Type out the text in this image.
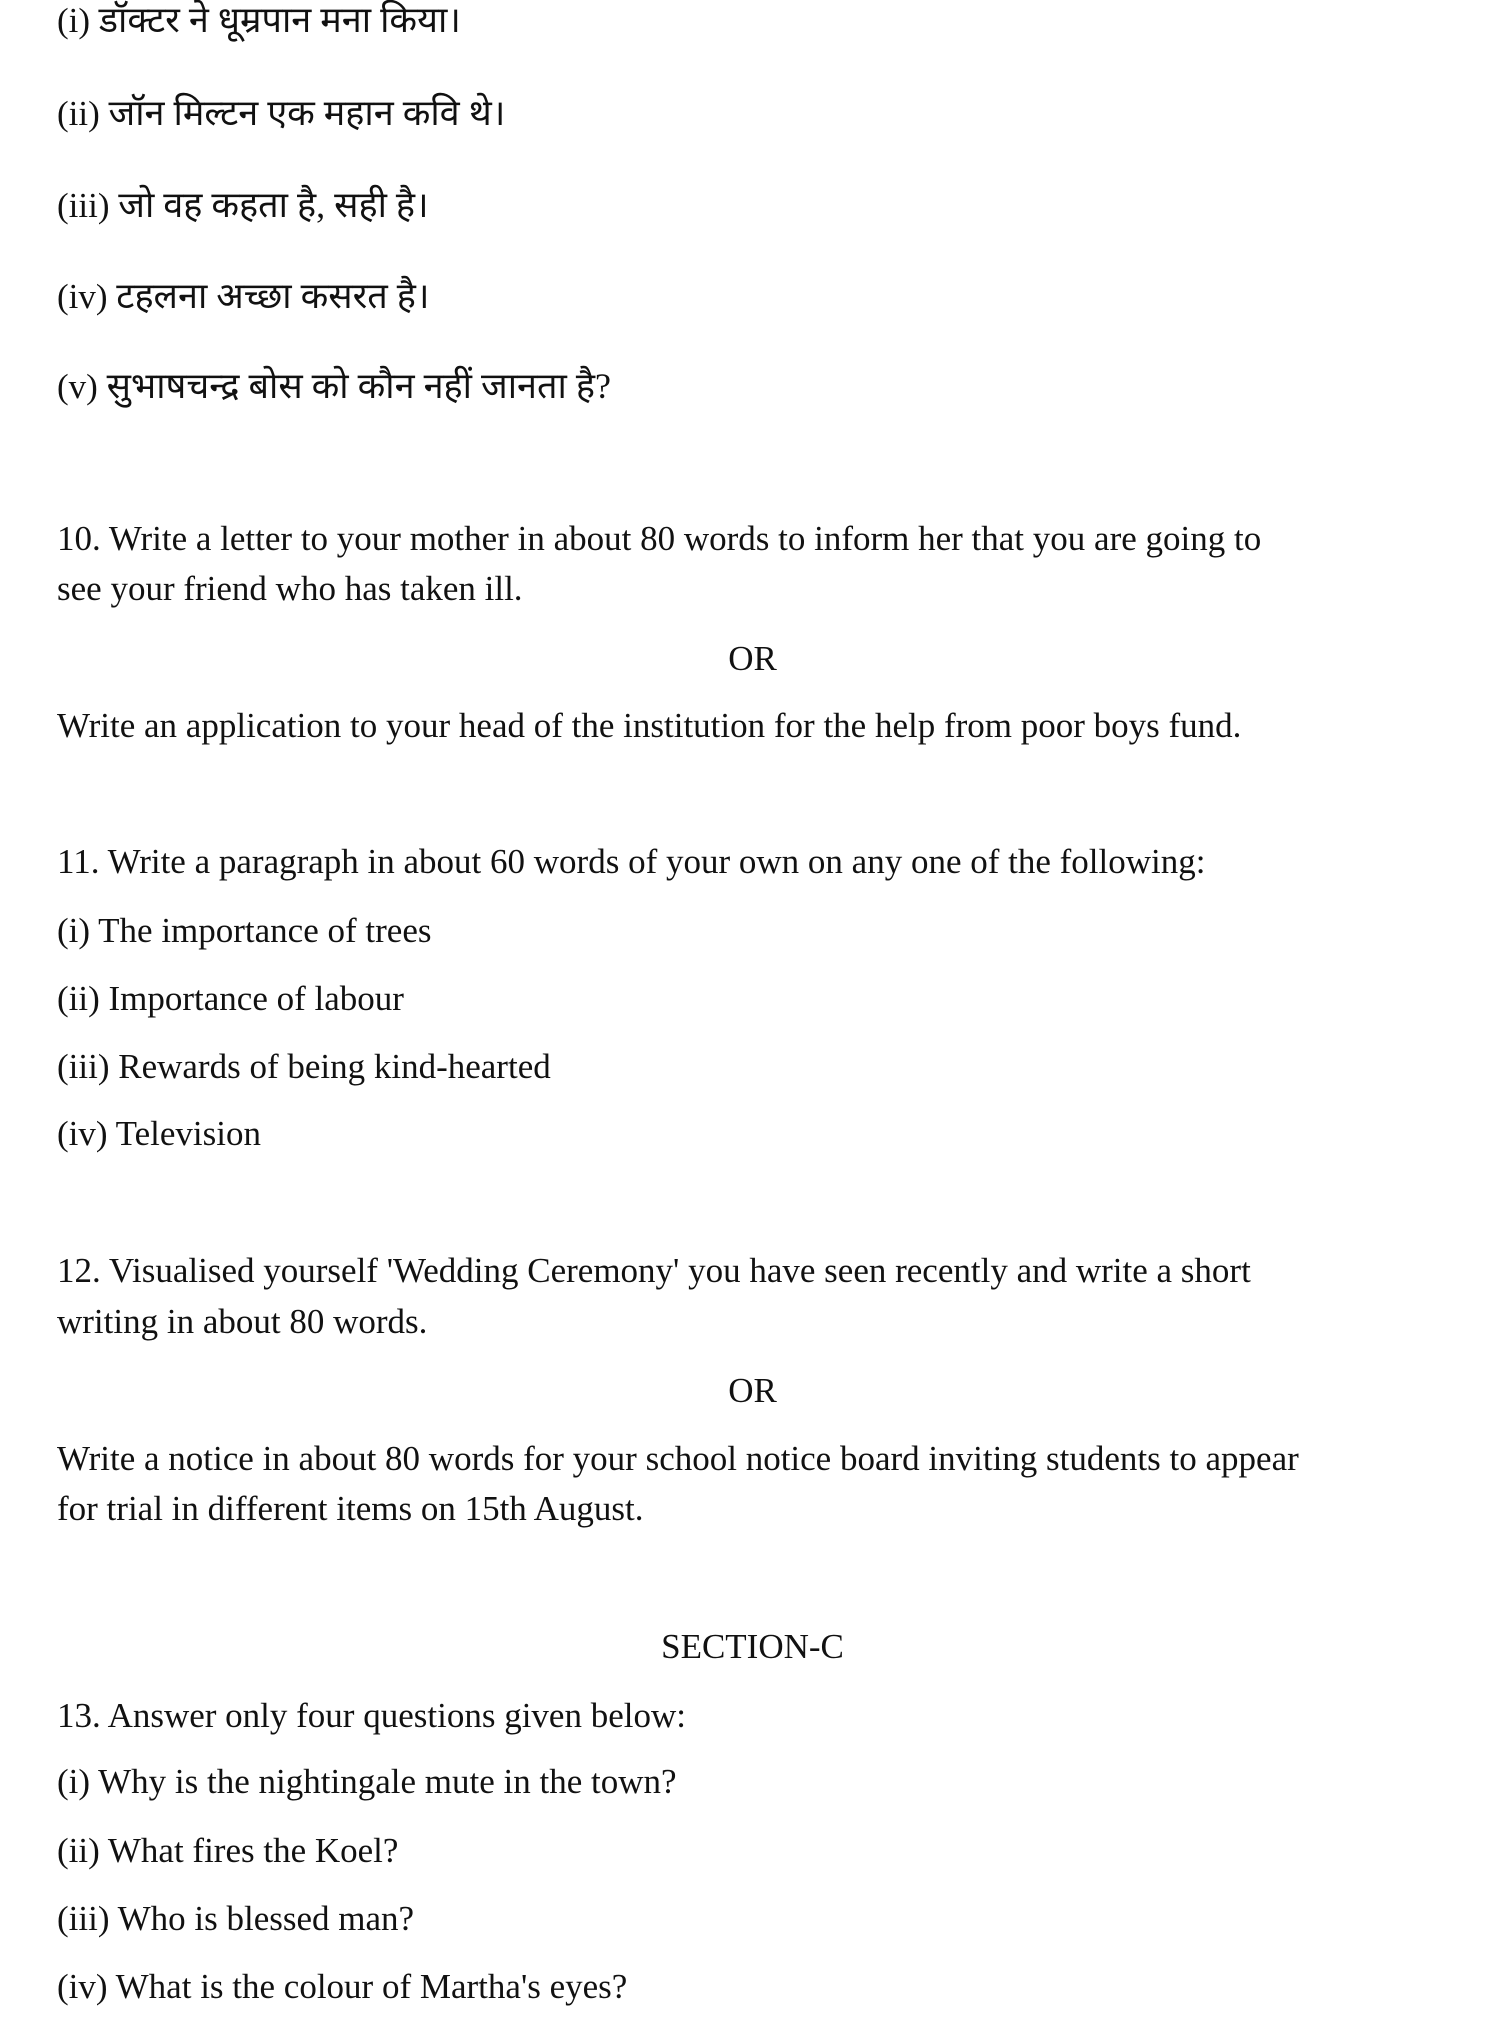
(i) डॉक्टर ने धूम्रपान मना किया।
(ii) जॉन मिल्टन एक महान कवि थे।
(iii) जो वह कहता है, सही है।
(iv) टहलना अच्छा कसरत है।
(v) सुभाषचन्द्र बोस को कौन नहीं जानता है?
10. Write a letter to your mother in about 80 words to inform her that you are going to
see your friend who has taken ill.
OR
Write an application to your head of the institution for the help from poor boys fund.
11. Write a paragraph in about 60 words of your own on any one of the following:
(i) The importance of trees
(ii) Importance of labour
(iii) Rewards of being kind-hearted
(iv) Television
12. Visualised yourself 'Wedding Ceremony' you have seen recently and write a short
writing in about 80 words.
OR
Write a notice in about 80 words for your school notice board inviting students to appear
for trial in different items on 15th August.
SECTION-C
13. Answer only four questions given below:
(i) Why is the nightingale mute in the town?
(ii) What fires the Koel?
(iii) Who is blessed man?
(iv) What is the colour of Martha's eyes?
